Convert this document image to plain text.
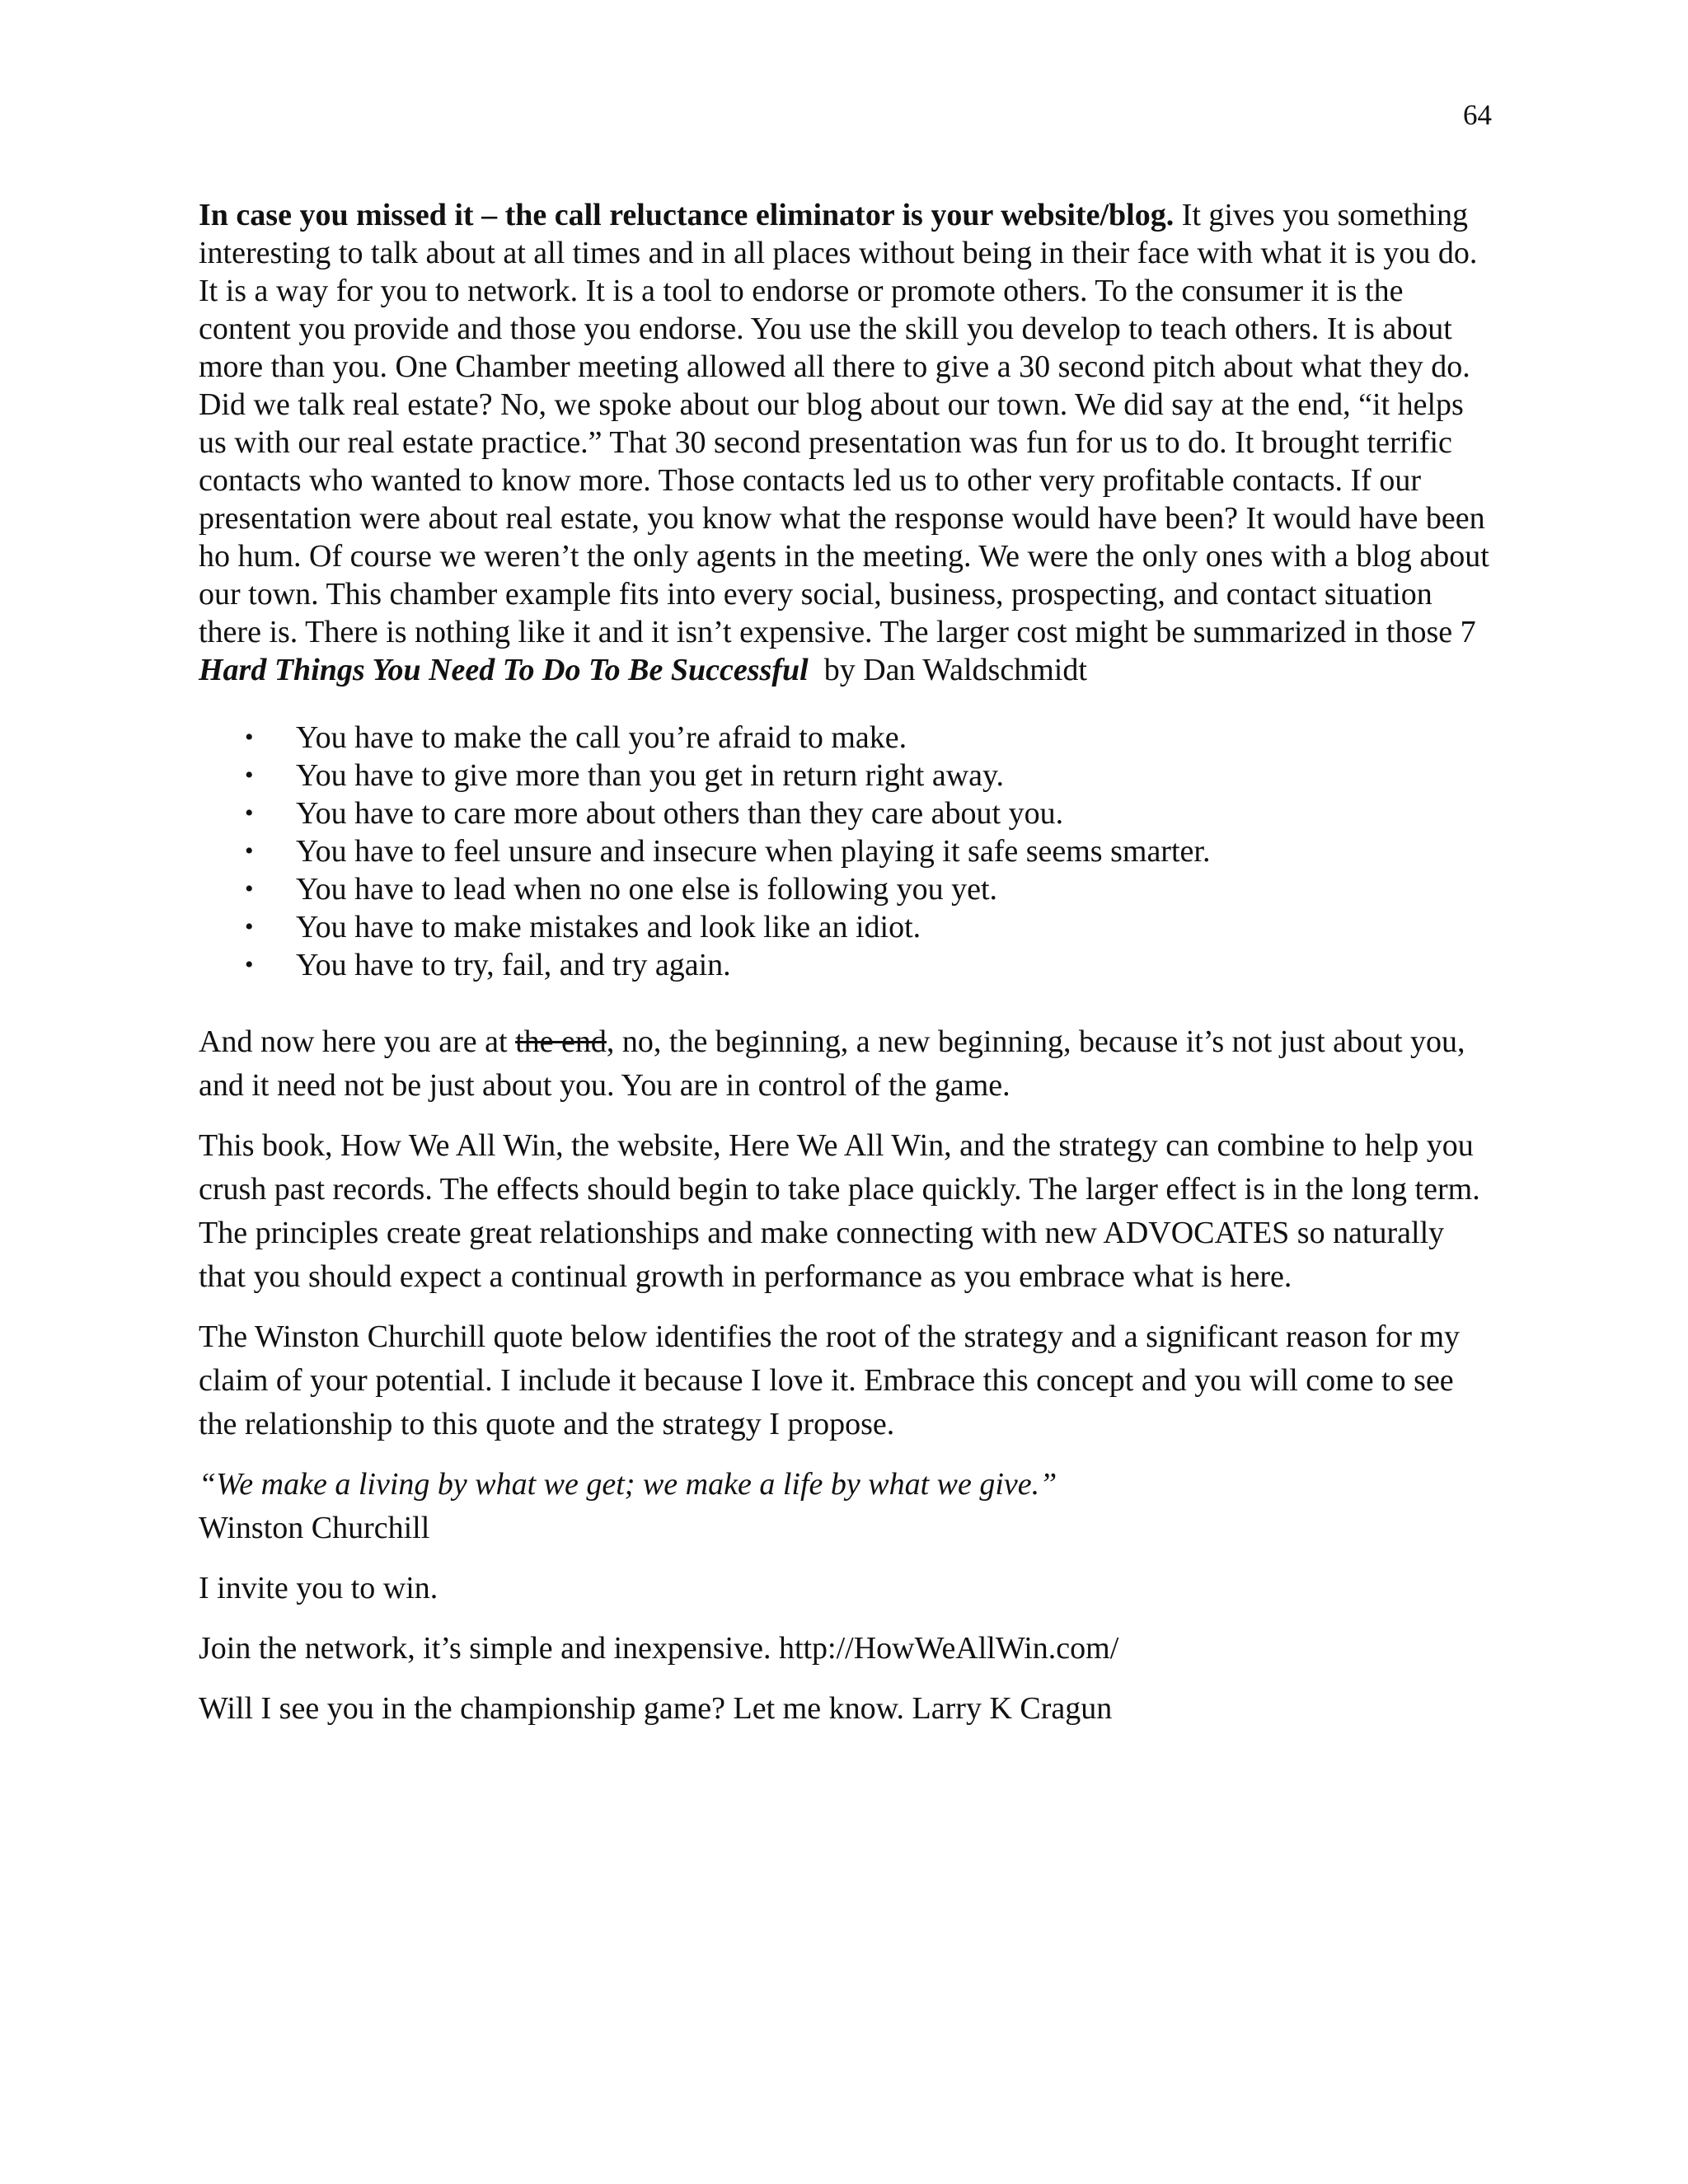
64

In case you missed it – the call reluctance eliminator is your website/blog. It gives you something interesting to talk about at all times and in all places without being in their face with what it is you do. It is a way for you to network. It is a tool to endorse or promote others. To the consumer it is the content you provide and those you endorse. You use the skill you develop to teach others. It is about more than you. One Chamber meeting allowed all there to give a 30 second pitch about what they do. Did we talk real estate? No, we spoke about our blog about our town. We did say at the end, “it helps us with our real estate practice.” That 30 second presentation was fun for us to do. It brought terrific contacts who wanted to know more. Those contacts led us to other very profitable contacts. If our presentation were about real estate, you know what the response would have been? It would have been ho hum. Of course we weren’t the only agents in the meeting. We were the only ones with a blog about our town. This chamber example fits into every social, business, prospecting, and contact situation there is. There is nothing like it and it isn’t expensive. The larger cost might be summarized in those 7 Hard Things You Need To Do To Be Successful  by Dan Waldschmidt

• You have to make the call you’re afraid to make.
• You have to give more than you get in return right away.
• You have to care more about others than they care about you.
• You have to feel unsure and insecure when playing it safe seems smarter.
• You have to lead when no one else is following you yet.
• You have to make mistakes and look like an idiot.
• You have to try, fail, and try again.

And now here you are at the end, no, the beginning, a new beginning, because it’s not just about you, and it need not be just about you. You are in control of the game.

This book, How We All Win, the website, Here We All Win, and the strategy can combine to help you crush past records. The effects should begin to take place quickly. The larger effect is in the long term. The principles create great relationships and make connecting with new ADVOCATES so naturally that you should expect a continual growth in performance as you embrace what is here.

The Winston Churchill quote below identifies the root of the strategy and a significant reason for my claim of your potential. I include it because I love it. Embrace this concept and you will come to see the relationship to this quote and the strategy I propose.

“We make a living by what we get; we make a life by what we give.”
Winston Churchill

I invite you to win.

Join the network, it’s simple and inexpensive. http://HowWeAllWin.com/

Will I see you in the championship game? Let me know. Larry K Cragun
